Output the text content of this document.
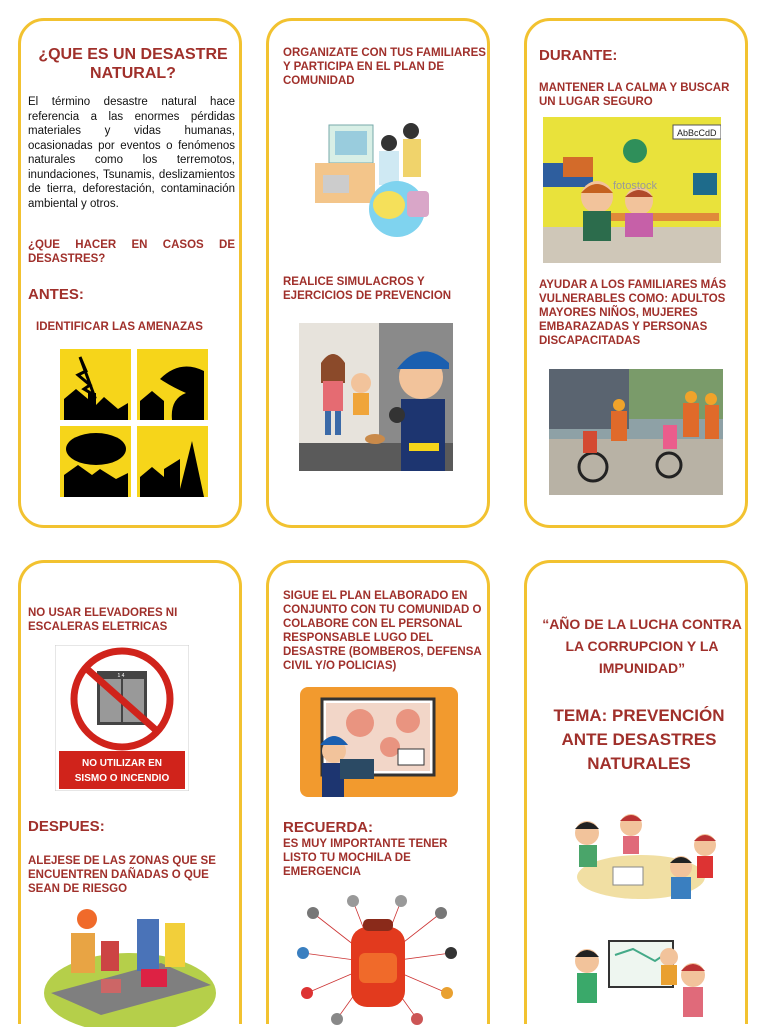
¿QUE ES UN DESASTRE NATURAL?
El término desastre natural hace referencia a las enormes pérdidas materiales y vidas humanas, ocasionadas por eventos o fenómenos naturales como los terremotos, inundaciones, Tsunamis, deslizamientos de tierra, deforestación, contaminación ambiental y otros.
¿QUE HACER EN CASOS DE DESASTRES?
ANTES:
IDENTIFICAR LAS AMENAZAS
ORGANIZATE CON TUS FAMILIARES Y PARTICIPA EN EL PLAN DE COMUNIDAD
REALICE SIMULACROS Y EJERCICIOS DE PREVENCION
DURANTE:
MANTENER LA CALMA Y BUSCAR UN LUGAR SEGURO
AbBcCdD
fotostock
AYUDAR A LOS FAMILIARES MÁS VULNERABLES COMO: ADULTOS MAYORES NIÑOS, MUJERES EMBARAZADAS Y PERSONAS DISCAPACITADAS
NO USAR ELEVADORES NI ESCALERAS ELETRICAS
NO UTILIZAR EN
SISMO O INCENDIO
1 4
DESPUES:
ALEJESE DE LAS ZONAS QUE SE ENCUENTREN DAÑADAS O QUE SEAN DE RIESGO
SIGUE EL PLAN ELABORADO EN CONJUNTO CON TU COMUNIDAD O COLABORE CON EL PERSONAL RESPONSABLE LUGO DEL DESASTRE (BOMBEROS, DEFENSA CIVIL Y/O POLICIAS)
RECUERDA:
ES MUY IMPORTANTE TENER LISTO TU MOCHILA DE EMERGENCIA
“AÑO DE LA LUCHA CONTRA LA CORRUPCION Y LA IMPUNIDAD”
TEMA: PREVENCIÓN ANTE DESASTRES NATURALES
